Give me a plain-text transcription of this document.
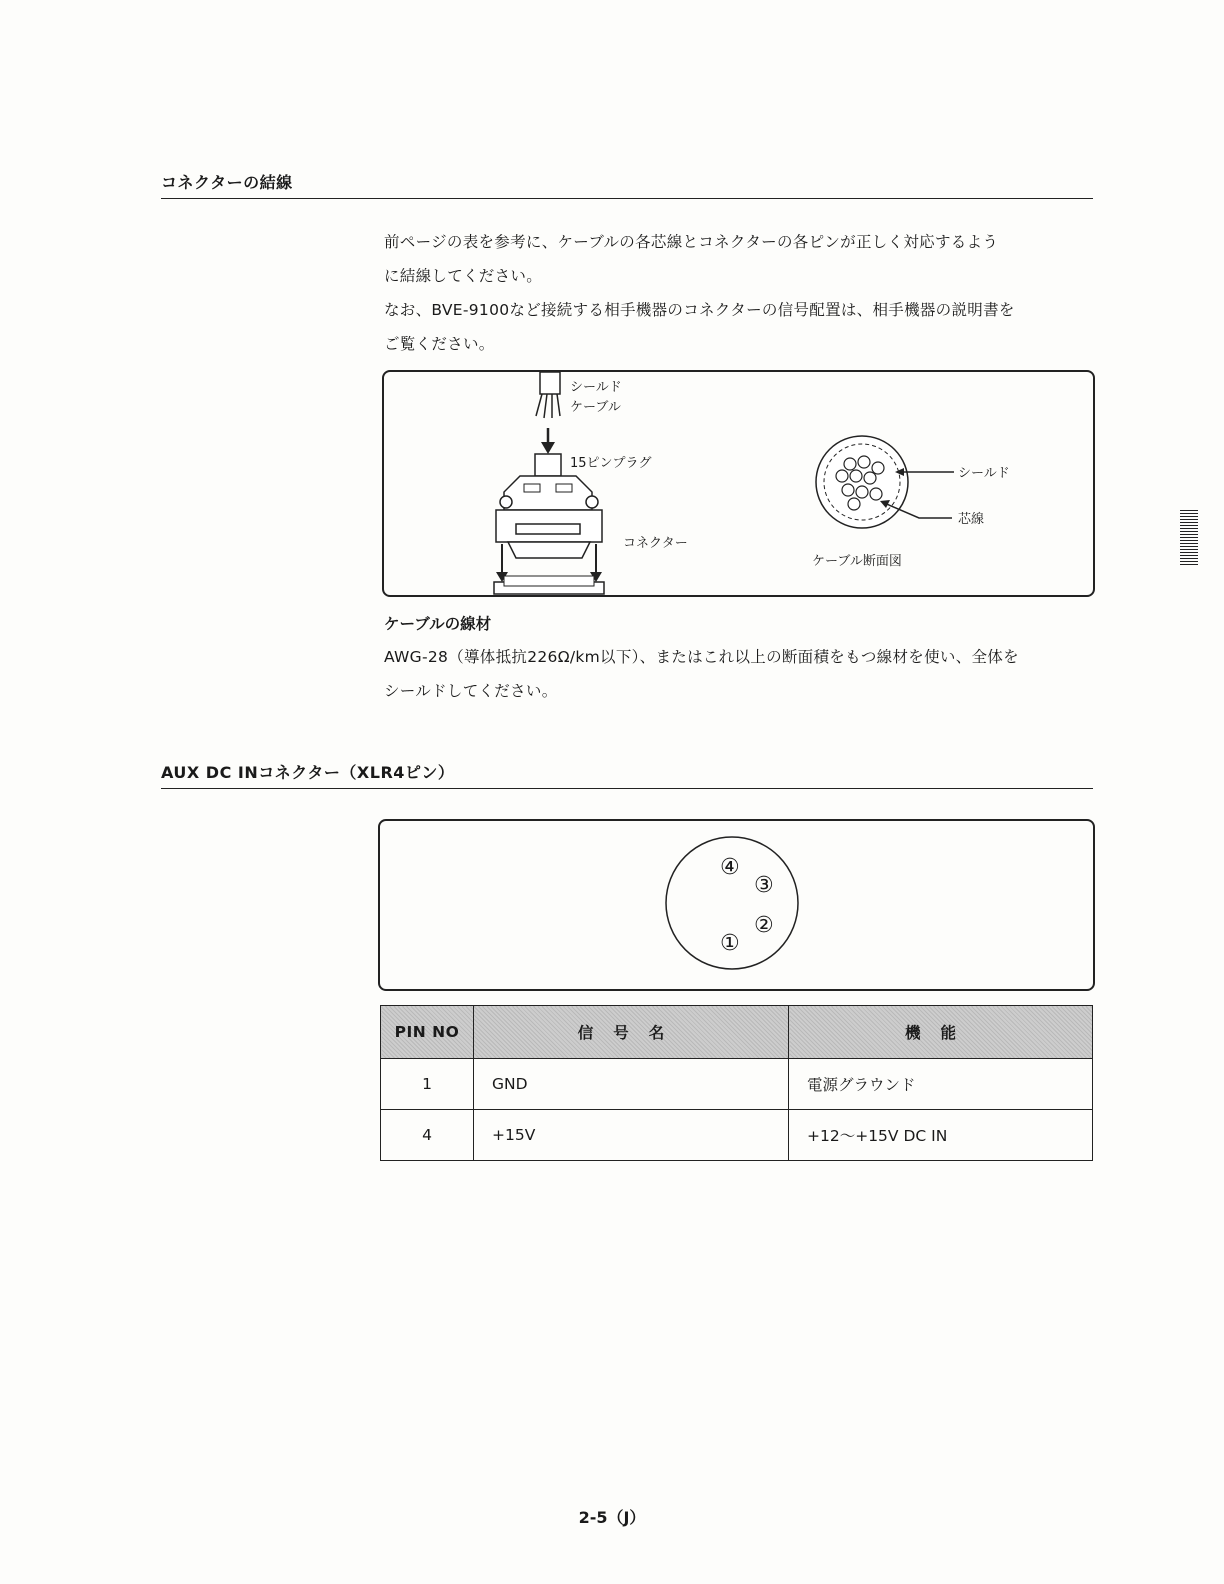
コネクターの結線

前ページの表を参考に、ケーブルの各芯線とコネクターの各ピンが正しく対応するよう
に結線してください。
なお、BVE-9100など接続する相手機器のコネクターの信号配置は、相手機器の説明書を
ご覧ください。

シールド
ケーブル
15ピンプラグ
コネクター
シールド
芯線
ケーブル断面図
ケーブルの線材

AWG-28（導体抵抗226Ω/km以下）、またはこれ以上の断面積をもつ線材を使い、全体を
シールドしてください。

AUX DC INコネクター（XLR4ピン）
④
③
②
①
PIN NO	信号名	機能
1	GND	電源グラウンド
4	+15V	+12〜+15V DC IN

2-5（J）
